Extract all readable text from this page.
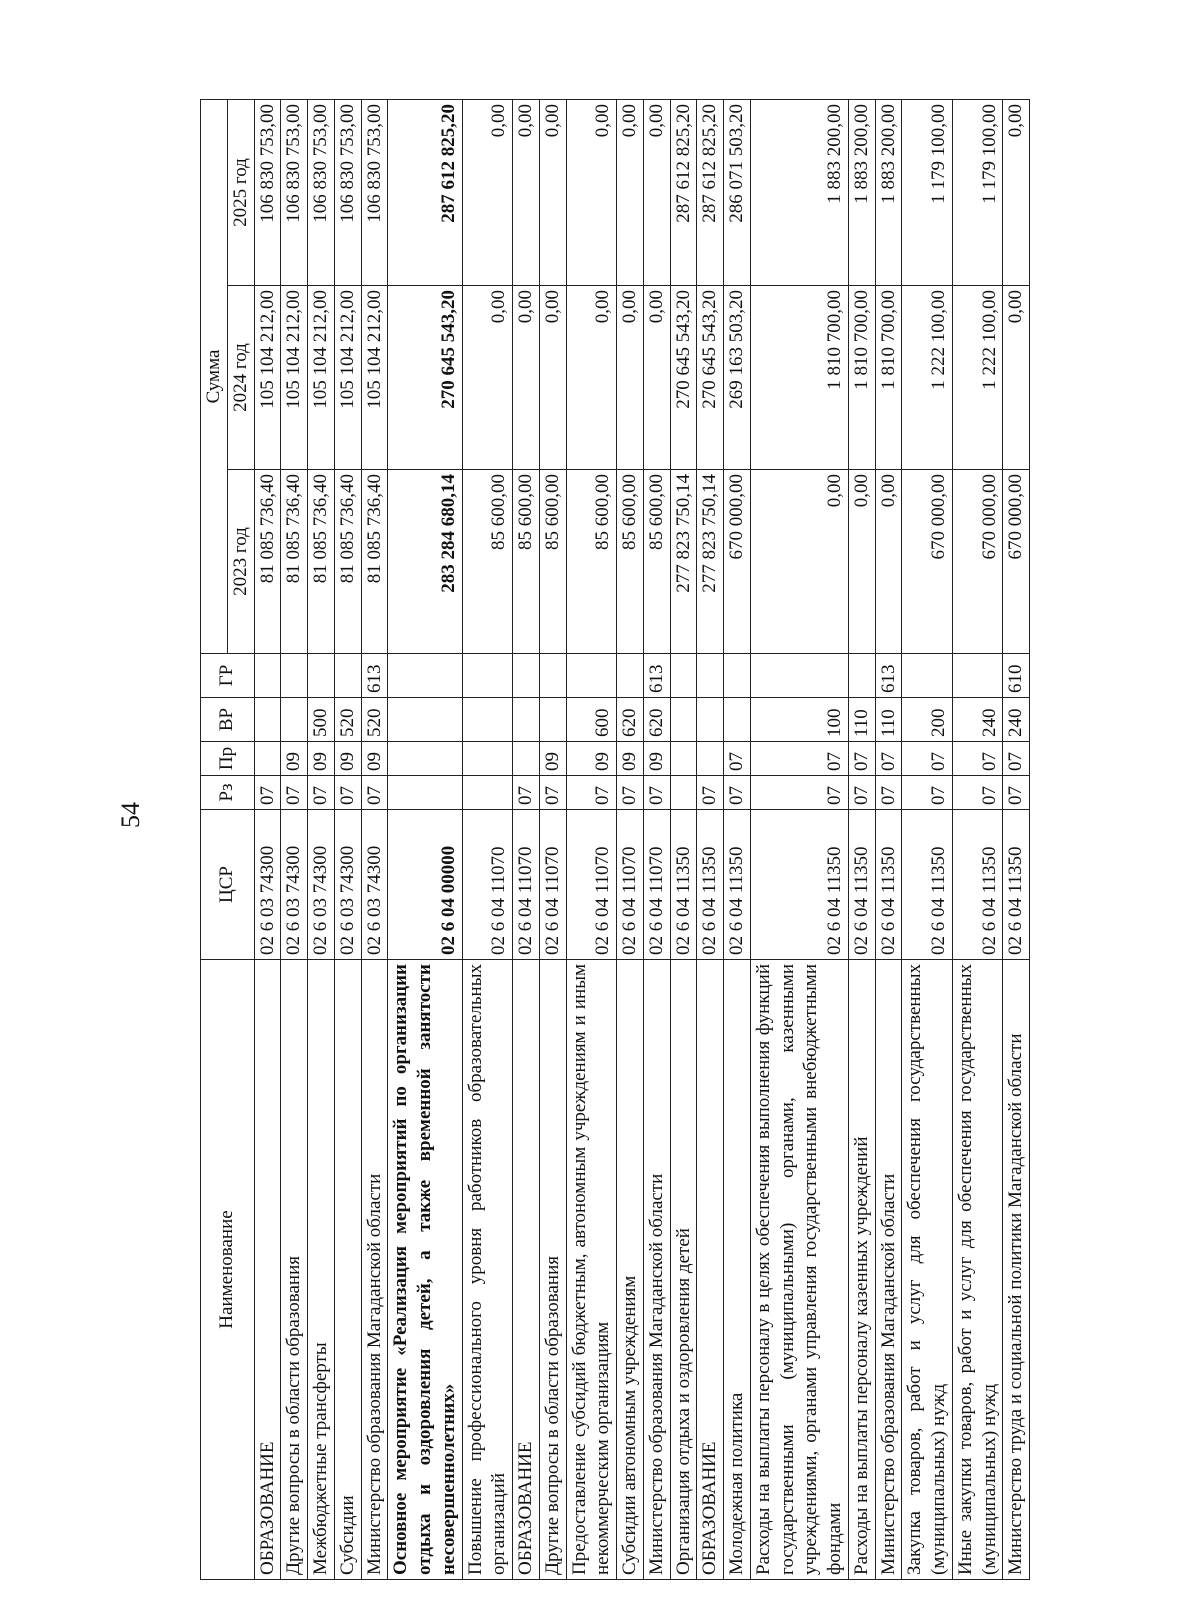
54
Наименование	ЦСР	Рз	Пр	ВР	ГР	Сумма		
						2023 год	2024 год	2025 год
ОБРАЗОВАНИЕ	02 6 03 74300	07				81 085 736,40	105 104 212,00	106 830 753,00
Другие вопросы в области образования	02 6 03 74300	07	09			81 085 736,40	105 104 212,00	106 830 753,00
Межбюджетные трансферты	02 6 03 74300	07	09	500		81 085 736,40	105 104 212,00	106 830 753,00
Субсидии	02 6 03 74300	07	09	520		81 085 736,40	105 104 212,00	106 830 753,00
Министерство образования Магаданской области	02 6 03 74300	07	09	520	613	81 085 736,40	105 104 212,00	106 830 753,00
Основное мероприятие «Реализация мероприятий по организации отдыха и оздоровления детей, а также временной занятости несовершеннолетних»	02 6 04 00000					283 284 680,14	270 645 543,20	287 612 825,20
Повышение профессионального уровня работников образовательных организаций	02 6 04 11070					85 600,00	0,00	0,00
ОБРАЗОВАНИЕ	02 6 04 11070	07				85 600,00	0,00	0,00
Другие вопросы в области образования	02 6 04 11070	07	09			85 600,00	0,00	0,00
Предоставление субсидий бюджетным, автономным учреждениям и иным некоммерческим организациям	02 6 04 11070	07	09	600		85 600,00	0,00	0,00
Субсидии автономным учреждениям	02 6 04 11070	07	09	620		85 600,00	0,00	0,00
Министерство образования Магаданской области	02 6 04 11070	07	09	620	613	85 600,00	0,00	0,00
Организация отдыха и оздоровления детей	02 6 04 11350					277 823 750,14	270 645 543,20	287 612 825,20
ОБРАЗОВАНИЕ	02 6 04 11350	07				277 823 750,14	270 645 543,20	287 612 825,20
Молодежная политика	02 6 04 11350	07	07			670 000,00	269 163 503,20	286 071 503,20
Расходы на выплаты персоналу в целях обеспечения выполнения функций государственными (муниципальными) органами, казенными учреждениями, органами управления государственными внебюджетными фондами	02 6 04 11350	07	07	100		0,00	1 810 700,00	1 883 200,00
Расходы на выплаты персоналу казенных учреждений	02 6 04 11350	07	07	110		0,00	1 810 700,00	1 883 200,00
Министерство образования Магаданской области	02 6 04 11350	07	07	110	613	0,00	1 810 700,00	1 883 200,00
Закупка товаров, работ и услуг для обеспечения государственных (муниципальных) нужд	02 6 04 11350	07	07	200		670 000,00	1 222 100,00	1 179 100,00
Иные закупки товаров, работ и услуг для обеспечения государственных (муниципальных) нужд	02 6 04 11350	07	07	240		670 000,00	1 222 100,00	1 179 100,00
Министерство труда и социальной политики Магаданской области	02 6 04 11350	07	07	240	610	670 000,00	0,00	0,00
